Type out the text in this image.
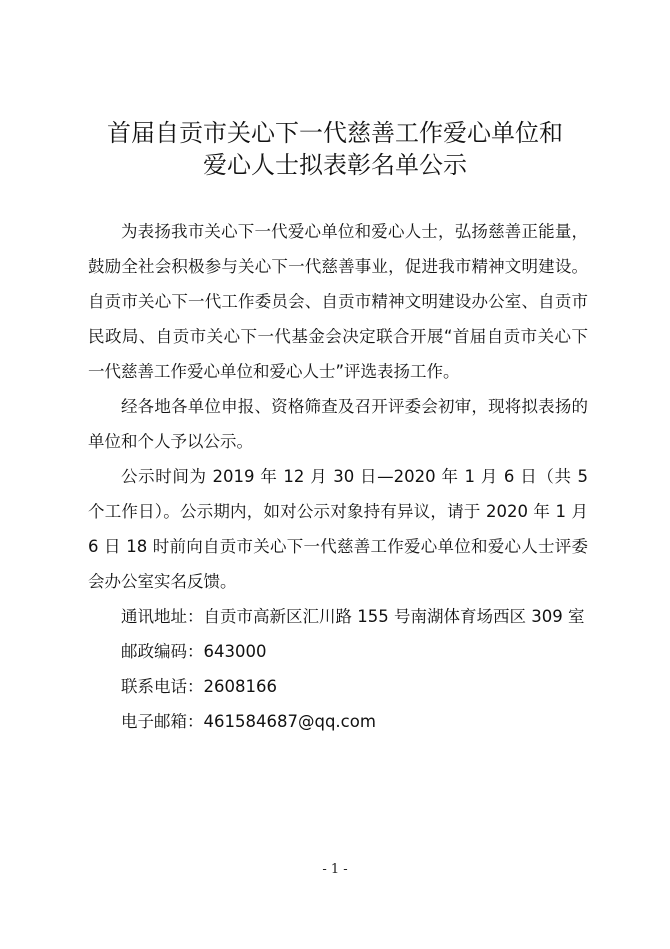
首届自贡市关心下一代慈善工作爱心单位和
爱心人士拟表彰名单公示

为表扬我市关心下一代爱心单位和爱心人士，弘扬慈善正能量，鼓励全社会积极参与关心下一代慈善事业，促进我市精神文明建设。自贡市关心下一代工作委员会、自贡市精神文明建设办公室、自贡市民政局、自贡市关心下一代基金会决定联合开展“首届自贡市关心下一代慈善工作爱心单位和爱心人士”评选表扬工作。

经各地各单位申报、资格筛查及召开评委会初审，现将拟表扬的单位和个人予以公示。

公示时间为 2019 年 12 月 30 日—2020 年 1 月 6 日（共 5 个工作日）。公示期内，如对公示对象持有异议，请于 2020 年 1 月 6 日 18 时前向自贡市关心下一代慈善工作爱心单位和爱心人士评委会办公室实名反馈。

通讯地址：自贡市高新区汇川路 155 号南湖体育场西区 309 室

邮政编码：643000

联系电话：2608166

电子邮箱：461584687@qq.com

- 1 -
